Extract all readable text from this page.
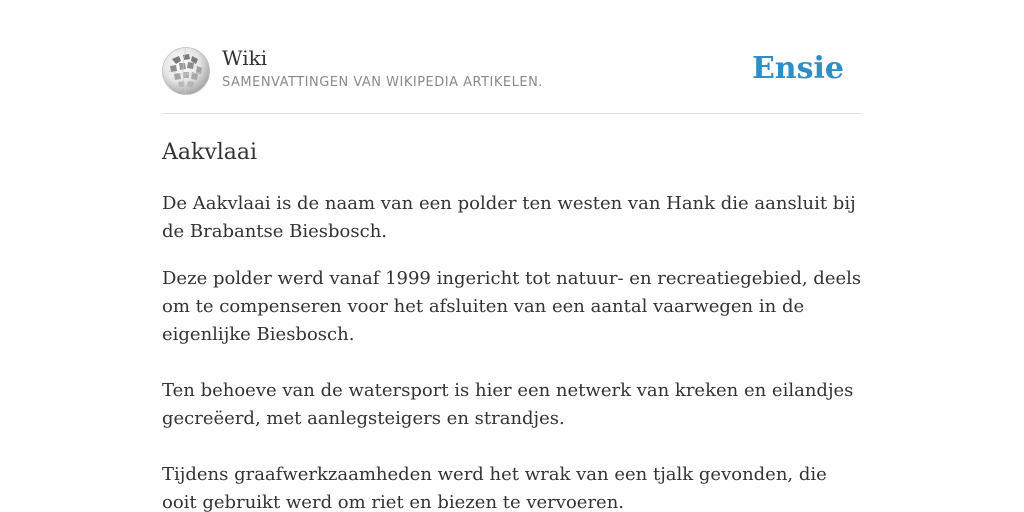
Wiki
SAMENVATTINGEN VAN WIKIPEDIA ARTIKELEN.	Ensie
Aakvlaai

De Aakvlaai is de naam van een polder ten westen van Hank die aansluit bij de Brabantse Biesbosch.

Deze polder werd vanaf 1999 ingericht tot natuur- en recreatiegebied, deels om te compenseren voor het afsluiten van een aantal vaarwegen in de eigenlijke Biesbosch.

Ten behoeve van de watersport is hier een netwerk van kreken en eilandjes gecreëerd, met aanlegsteigers en strandjes.

Tijdens graafwerkzaamheden werd het wrak van een tjalk gevonden, die ooit gebruikt werd om riet en biezen te vervoeren.
